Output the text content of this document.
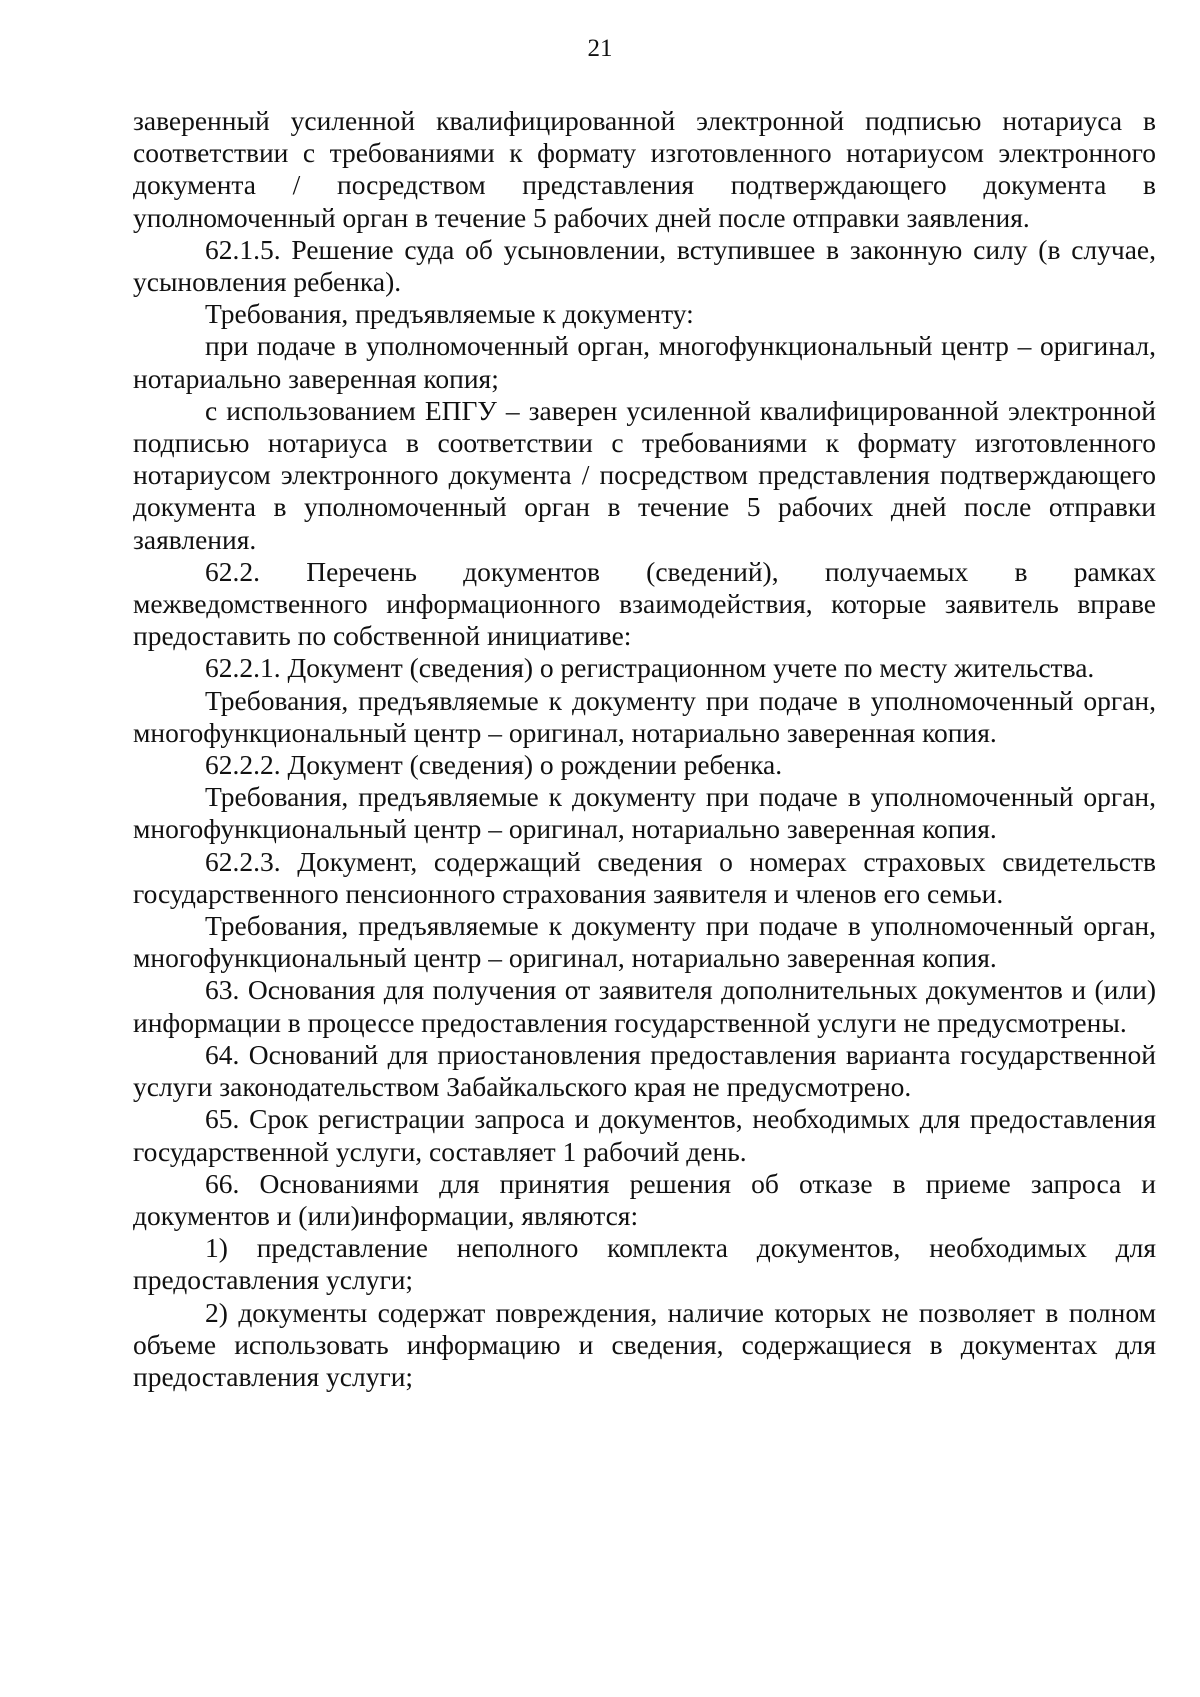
21

заверенный усиленной квалифицированной электронной подписью нотариуса в соответствии с требованиями к формату изготовленного нотариусом электронного документа / посредством представления подтверждающего документа в уполномоченный орган в течение 5 рабочих дней после отправки заявления.

62.1.5. Решение суда об усыновлении, вступившее в законную силу (в случае, усыновления ребенка).

Требования, предъявляемые к документу:

при подаче в уполномоченный орган, многофункциональный центр – оригинал, нотариально заверенная копия;

с использованием ЕПГУ – заверен усиленной квалифицированной электронной подписью нотариуса в соответствии с требованиями к формату изготовленного нотариусом электронного документа / посредством представления подтверждающего документа в уполномоченный орган в течение 5 рабочих дней после отправки заявления.

62.2. Перечень документов (сведений), получаемых в рамках межведомственного информационного взаимодействия, которые заявитель вправе предоставить по собственной инициативе:

62.2.1. Документ (сведения) о регистрационном учете по месту жительства.

Требования, предъявляемые к документу при подаче в уполномоченный орган, многофункциональный центр – оригинал, нотариально заверенная копия.

62.2.2. Документ (сведения) о рождении ребенка.

Требования, предъявляемые к документу при подаче в уполномоченный орган, многофункциональный центр – оригинал, нотариально заверенная копия.

62.2.3. Документ, содержащий сведения о номерах страховых свидетельств государственного пенсионного страхования заявителя и членов его семьи.

Требования, предъявляемые к документу при подаче в уполномоченный орган, многофункциональный центр – оригинал, нотариально заверенная копия.

63. Основания для получения от заявителя дополнительных документов и (или) информации в процессе предоставления государственной услуги не предусмотрены.

64. Оснований для приостановления предоставления варианта государственной услуги законодательством Забайкальского края не предусмотрено.

65. Срок регистрации запроса и документов, необходимых для предоставления государственной услуги, составляет 1 рабочий день.

66. Основаниями для принятия решения об отказе в приеме запроса и документов и (или)информации, являются:

1) представление неполного комплекта документов, необходимых для предоставления услуги;

2) документы содержат повреждения, наличие которых не позволяет в полном объеме использовать информацию и сведения, содержащиеся в документах для предоставления услуги;
